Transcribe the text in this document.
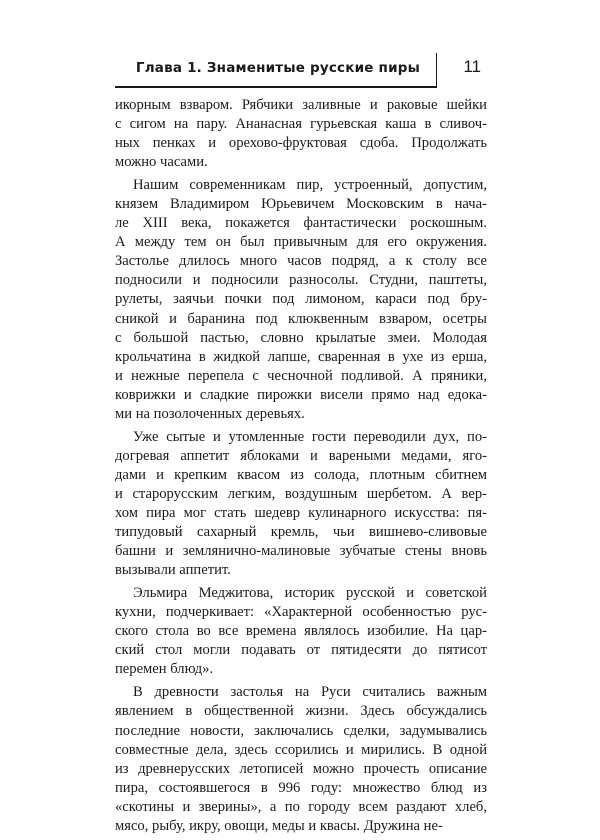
Глава 1. Знаменитые русские пиры	11
икорным взваром. Рябчики заливные и раковые шейки
с сигом на пару. Ананасная гурьевская каша в сливоч-
ных пенках и орехово-фруктовая сдоба. Продолжать
можно часами.
Нашим современникам пир, устроенный, допустим,
князем Владимиром Юрьевичем Московским в нача-
ле XIII века, покажется фантастически роскошным.
А между тем он был привычным для его окружения.
Застолье длилось много часов подряд, а к столу все
подносили и подносили разносолы. Студни, паштеты,
рулеты, заячьи почки под лимоном, караси под бру-
сникой и баранина под клюквенным взваром, осетры
с большой пастью, словно крылатые змеи. Молодая
крольчатина в жидкой лапше, сваренная в ухе из ерша,
и нежные перепела с чесночной подливой. А пряники,
коврижки и сладкие пирожки висели прямо над едока-
ми на позолоченных деревьях.
Уже сытые и утомленные гости переводили дух, по-
догревая аппетит яблоками и вареными медами, яго-
дами и крепким квасом из солода, плотным сбитнем
и старорусским легким, воздушным шербетом. А вер-
хом пира мог стать шедевр кулинарного искусства: пя-
типудовый сахарный кремль, чьи вишнево-сливовые
башни и землянично-малиновые зубчатые стены вновь
вызывали аппетит.
Эльмира Меджитова, историк русской и советской
кухни, подчеркивает: «Характерной особенностью рус-
ского стола во все времена являлось изобилие. На цар-
ский стол могли подавать от пятидесяти до пятисот
перемен блюд».
В древности застолья на Руси считались важным
явлением в общественной жизни. Здесь обсуждались
последние новости, заключались сделки, задумывались
совместные дела, здесь ссорились и мирились. В одной
из древнерусских летописей можно прочесть описание
пира, состоявшегося в 996 году: множество блюд из
«скотины и зверины», а по городу всем раздают хлеб,
мясо, рыбу, икру, овощи, меды и квасы. Дружина не-
